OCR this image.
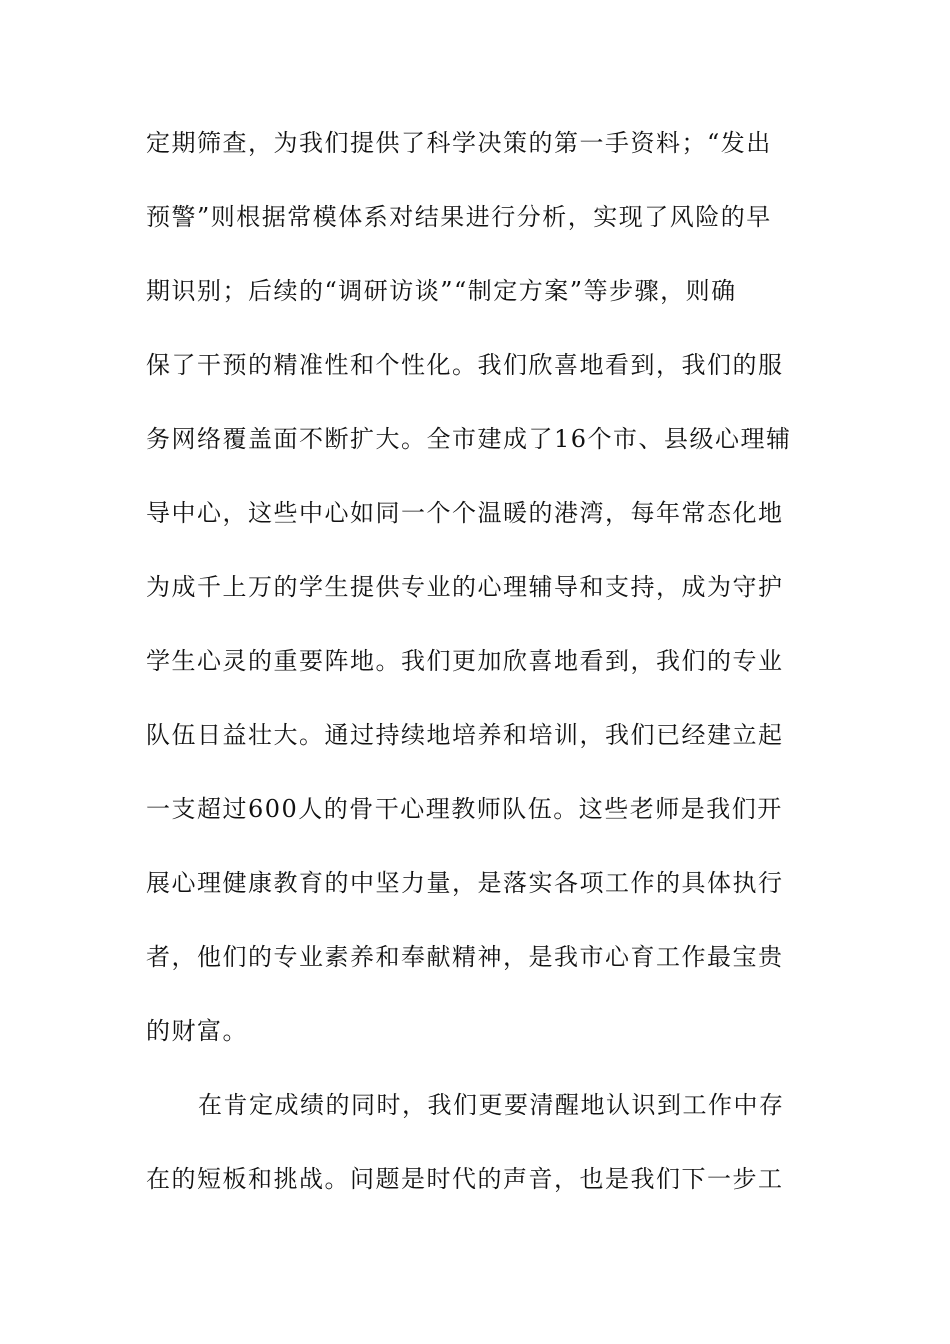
定期筛查，为我们提供了科学决策的第一手资料；“发出
预警”则根据常模体系对结果进行分析，实现了风险的早
期识别；后续的“调研访谈”“制定方案”等步骤，则确
保了干预的精准性和个性化。我们欣喜地看到，我们的服
务网络覆盖面不断扩大。全市建成了16个市、县级心理辅
导中心，这些中心如同一个个温暖的港湾，每年常态化地
为成千上万的学生提供专业的心理辅导和支持，成为守护
学生心灵的重要阵地。我们更加欣喜地看到，我们的专业
队伍日益壮大。通过持续地培养和培训，我们已经建立起
一支超过600人的骨干心理教师队伍。这些老师是我们开
展心理健康教育的中坚力量，是落实各项工作的具体执行
者，他们的专业素养和奉献精神，是我市心育工作最宝贵
的财富。
在肯定成绩的同时，我们更要清醒地认识到工作中存
在的短板和挑战。问题是时代的声音，也是我们下一步工
